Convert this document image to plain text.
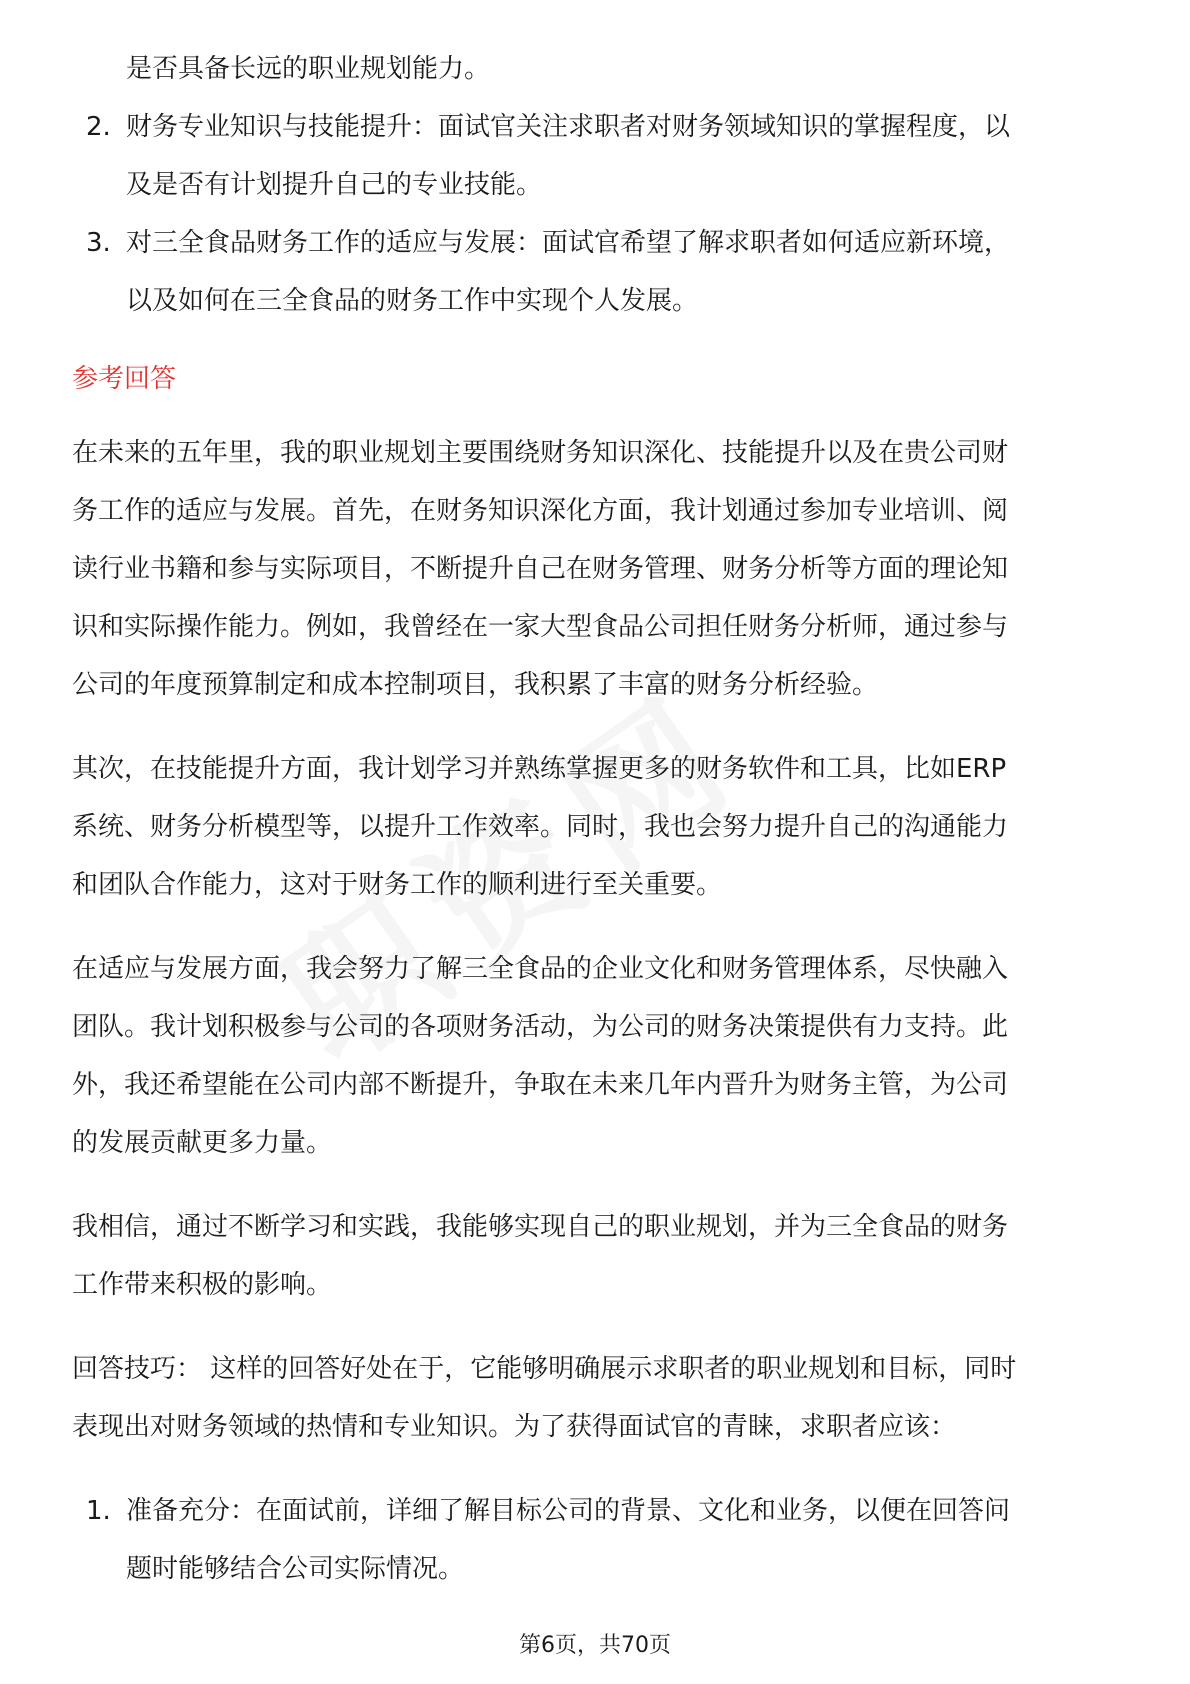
是否具备长远的职业规划能力。
2. 财务专业知识与技能提升：面试官关注求职者对财务领域知识的掌握程度，以
及是否有计划提升自己的专业技能。
3. 对三全食品财务工作的适应与发展：面试官希望了解求职者如何适应新环境，
以及如何在三全食品的财务工作中实现个人发展。
参考回答
在未来的五年里，我的职业规划主要围绕财务知识深化、技能提升以及在贵公司财
务工作的适应与发展。首先，在财务知识深化方面，我计划通过参加专业培训、阅
读行业书籍和参与实际项目，不断提升自己在财务管理、财务分析等方面的理论知
识和实际操作能力。例如，我曾经在一家大型食品公司担任财务分析师，通过参与
公司的年度预算制定和成本控制项目，我积累了丰富的财务分析经验。
其次，在技能提升方面，我计划学习并熟练掌握更多的财务软件和工具，比如ERP
系统、财务分析模型等，以提升工作效率。同时，我也会努力提升自己的沟通能力
和团队合作能力，这对于财务工作的顺利进行至关重要。
在适应与发展方面，我会努力了解三全食品的企业文化和财务管理体系，尽快融入
团队。我计划积极参与公司的各项财务活动，为公司的财务决策提供有力支持。此
外，我还希望能在公司内部不断提升，争取在未来几年内晋升为财务主管，为公司
的发展贡献更多力量。
我相信，通过不断学习和实践，我能够实现自己的职业规划，并为三全食品的财务
工作带来积极的影响。
回答技巧： 这样的回答好处在于，它能够明确展示求职者的职业规划和目标，同时
表现出对财务领域的热情和专业知识。为了获得面试官的青睐，求职者应该：
1. 准备充分：在面试前，详细了解目标公司的背景、文化和业务，以便在回答问
题时能够结合公司实际情况。
第6页，共70页
